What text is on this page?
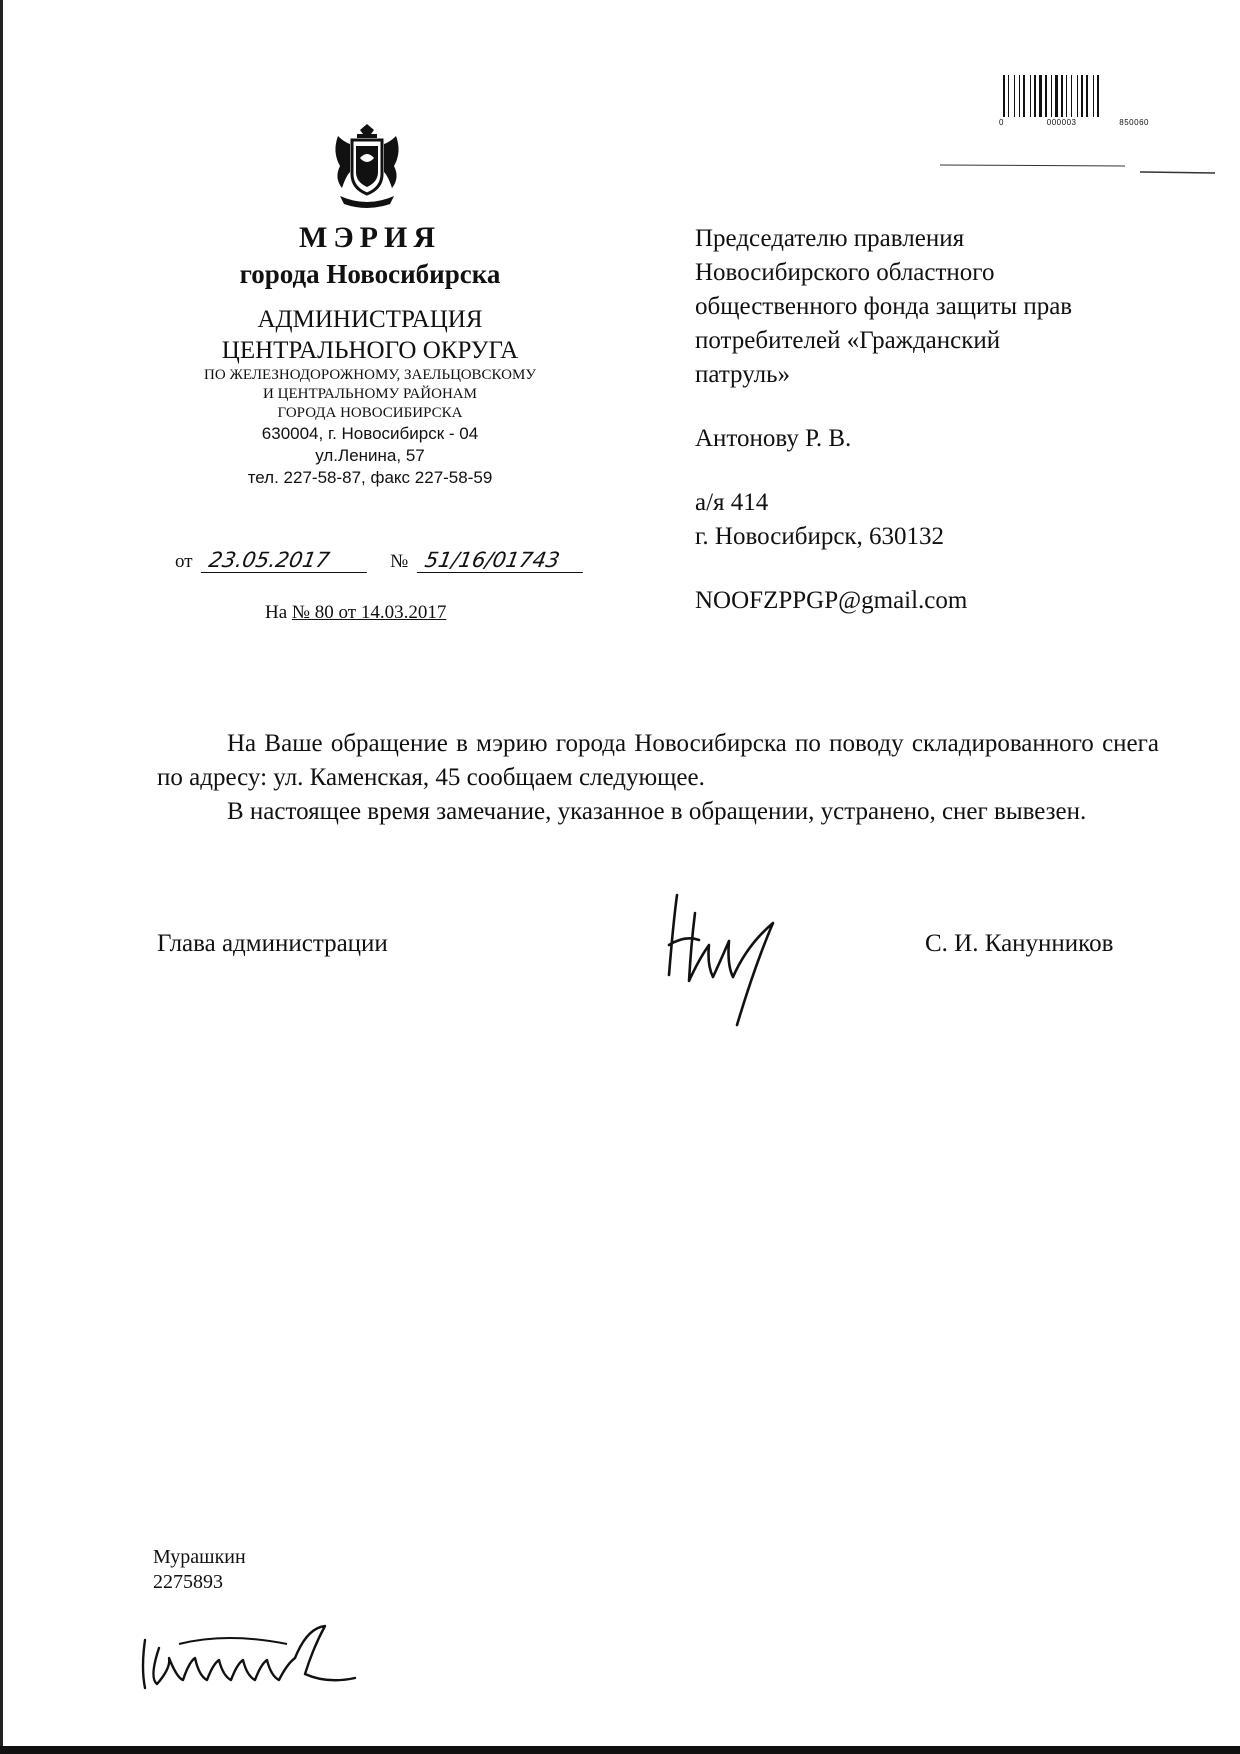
0	000003	850060
МЭРИЯ
города Новосибирска
АДМИНИСТРАЦИЯ
ЦЕНТРАЛЬНОГО ОКРУГА
ПО ЖЕЛЕЗНОДОРОЖНОМУ, ЗАЕЛЬЦОВСКОМУ
И ЦЕНТРАЛЬНОМУ РАЙОНАМ
ГОРОДА НОВОСИБИРСКА
630004, г. Новосибирск - 04
ул.Ленина, 57
тел. 227-58-87, факс 227-58-59
от 23.05.2017	№ 51/16/01743
На № 80 от 14.03.2017
Председателю правления
Новосибирского областного
общественного фонда защиты прав
потребителей «Гражданский
патруль»
Антонову Р. В.
а/я 414
г. Новосибирск, 630132
NOOFZPPGP@gmail.com

На Ваше обращение в мэрию города Новосибирска по поводу складированного снега по адресу: ул. Каменская, 45 сообщаем следующее.

В настоящее время замечание, указанное в обращении, устранено, снег вывезен.

Глава администрации	С. И. Канунников
Мурашкин
2275893
